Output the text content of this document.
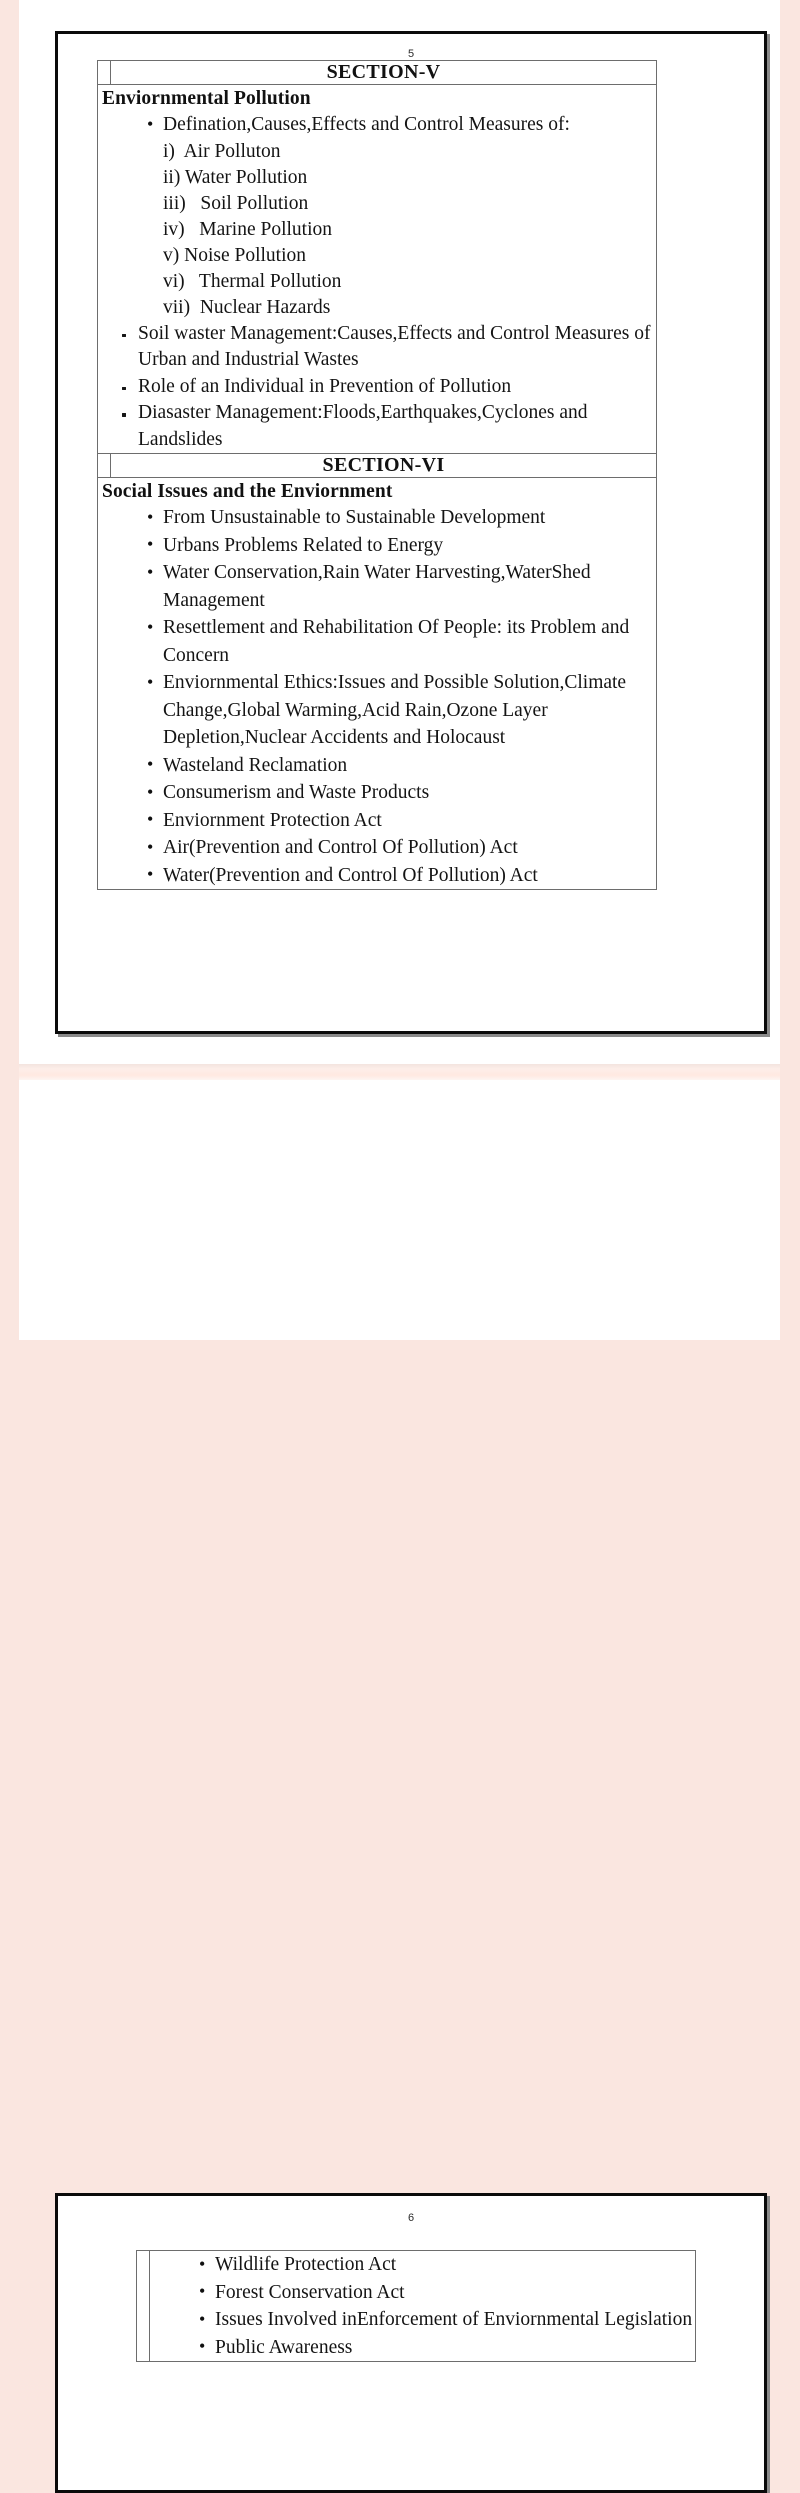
5
	SECTION-V

Enviornmental Pollution
• Defination,Causes,Effects and Control Measures of:
i)  Air Polluton
ii) Water Pollution
iii)   Soil Pollution
iv)   Marine Pollution
v) Noise Pollution
vi)   Thermal Pollution
vii)  Nuclear Hazards
Soil waster Management:Causes,Effects and Control Measures of Urban and Industrial Wastes
Role of an Individual in Prevention of Pollution
Diasaster Management:Floods,Earthquakes,Cyclones and Landslides

	SECTION-VI

Social Issues and the Enviornment
• From Unsustainable to Sustainable Development
• Urbans Problems Related to Energy
• Water Conservation,Rain Water Harvesting,WaterShed Management
• Resettlement and Rehabilitation Of People: its Problem and Concern
• Enviornmental Ethics:Issues and Possible Solution,Climate Change,Global Warming,Acid Rain,Ozone Layer Depletion,Nuclear Accidents and Holocaust
• Wasteland Reclamation
• Consumerism and Waste Products
• Enviornment Protection Act
• Air(Prevention and Control Of Pollution) Act
• Water(Prevention and Control Of Pollution) Act
6

• Wildlife Protection Act
• Forest Conservation Act
• Issues Involved inEnforcement of Enviornmental Legislation
• Public Awareness
